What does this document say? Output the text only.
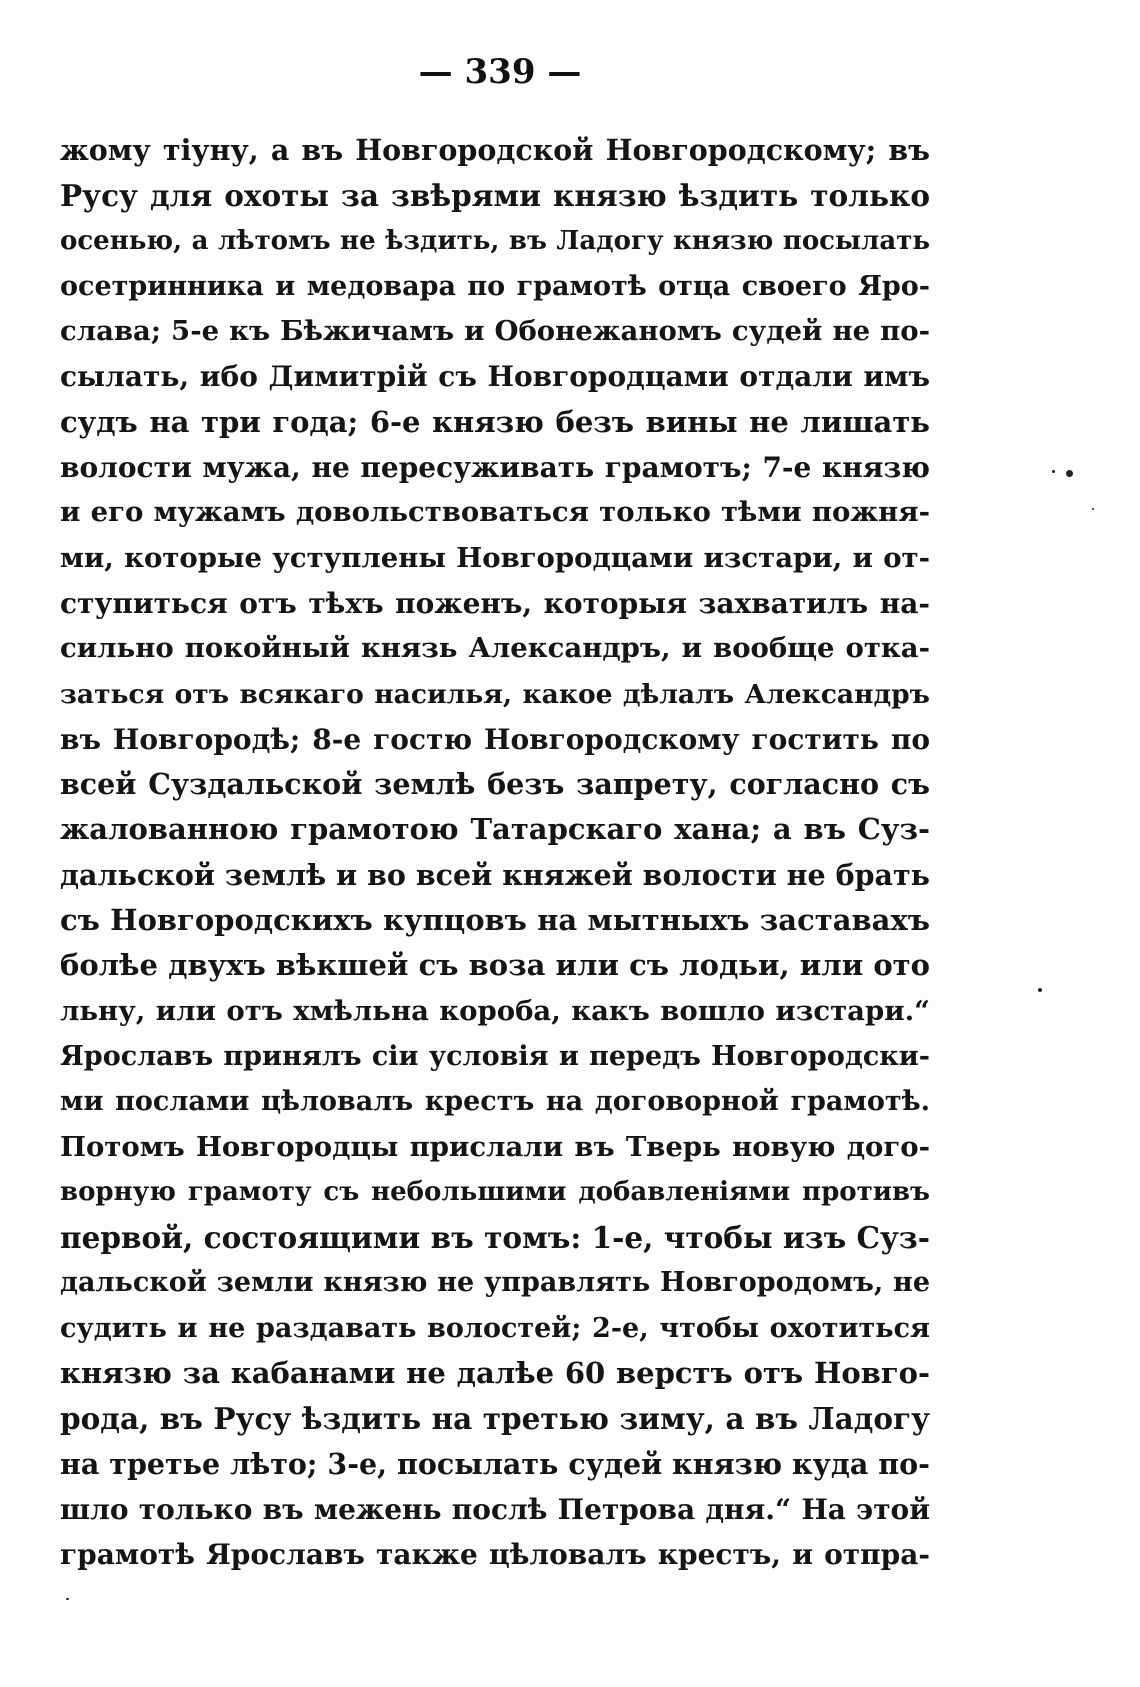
— 339 —
жому тіуну, а въ Новгородской Новгородскому; въ
Русу для охоты за звѣрями князю ѣздить только
осенью, а лѣтомъ не ѣздить, въ Ладогу князю посылать
осетринника и медовара по грамотѣ отца своего Яро-
слава; 5-е къ Бѣжичамъ и Обонежаномъ судей не по-
сылать, ибо Димитрій съ Новгородцами отдали имъ
судъ на три года; 6-е князю безъ вины не лишать
волости мужа, не пересуживать грамотъ; 7-е князю
и его мужамъ довольствоваться только тѣми пожня-
ми, которые уступлены Новгородцами изстари, и от-
ступиться отъ тѣхъ поженъ, которыя захватилъ на-
сильно покойный князь Александръ, и вообще отка-
заться отъ всякаго насилья, какое дѣлалъ Александръ
въ Новгородѣ; 8-е гостю Новгородскому гостить по
всей Суздальской землѣ безъ запрету, согласно съ
жалованною грамотою Татарскаго хана; а въ Суз-
дальской землѣ и во всей княжей волости не брать
съ Новгородскихъ купцовъ на мытныхъ заставахъ
болѣе двухъ вѣкшей съ воза или съ лодьи, или ото
льну, или отъ хмѣльна короба, какъ вошло изстари.“
Ярославъ принялъ сіи условія и передъ Новгородски-
ми послами цѣловалъ крестъ на договорной грамотѣ.
Потомъ Новгородцы прислали въ Тверь новую дого-
ворную грамоту съ небольшими добавленіями противъ
первой, состоящими въ томъ: 1-е, чтобы изъ Суз-
дальской земли князю не управлять Новгородомъ, не
судить и не раздавать волостей; 2-е, чтобы охотиться
князю за кабанами не далѣе 60 верстъ отъ Новго-
рода, въ Русу ѣздить на третью зиму, а въ Ладогу
на третье лѣто; 3-е, посылать судей князю куда по-
шло только въ межень послѣ Петрова дня.“ На этой
грамотѣ Ярославъ также цѣловалъ крестъ, и отпра-
